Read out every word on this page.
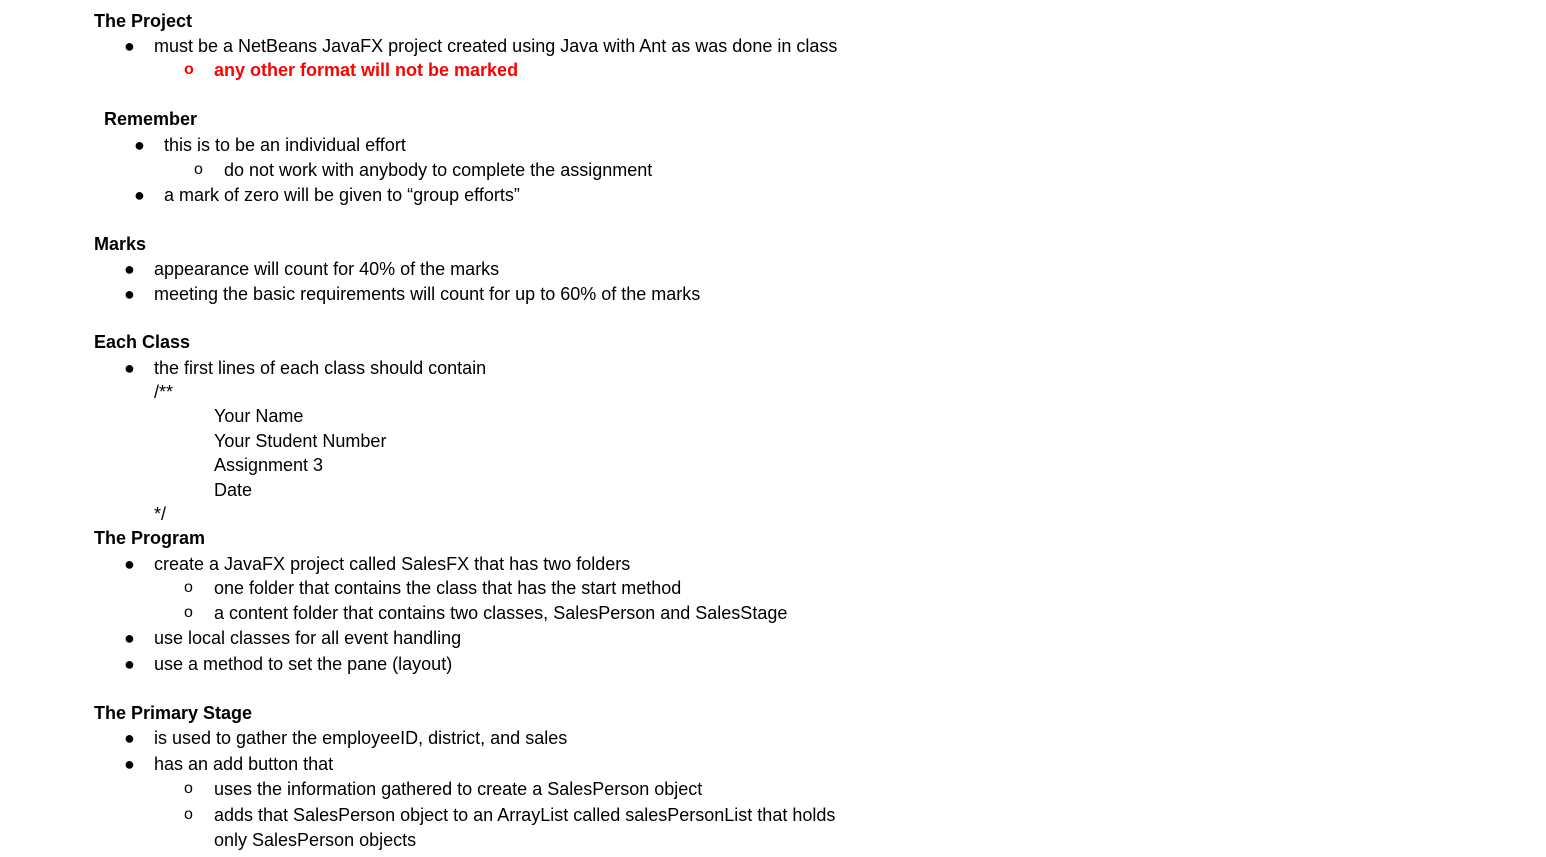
The Project
● must be a NetBeans JavaFX project created using Java with Ant as was done in class
o any other format will not be marked
Remember
● this is to be an individual effort
o do not work with anybody to complete the assignment
● a mark of zero will be given to “group efforts”
Marks
● appearance will count for 40% of the marks
● meeting the basic requirements will count for up to 60% of the marks
Each Class
● the first lines of each class should contain
/**
Your Name
Your Student Number
Assignment 3
Date
*/
The Program
● create a JavaFX project called SalesFX that has two folders
o one folder that contains the class that has the start method
o a content folder that contains two classes, SalesPerson and SalesStage
● use local classes for all event handling
● use a method to set the pane (layout)
The Primary Stage
● is used to gather the employeeID, district, and sales
● has an add button that
o uses the information gathered to create a SalesPerson object
o adds that SalesPerson object to an ArrayList called salesPersonList that holds
only SalesPerson objects
